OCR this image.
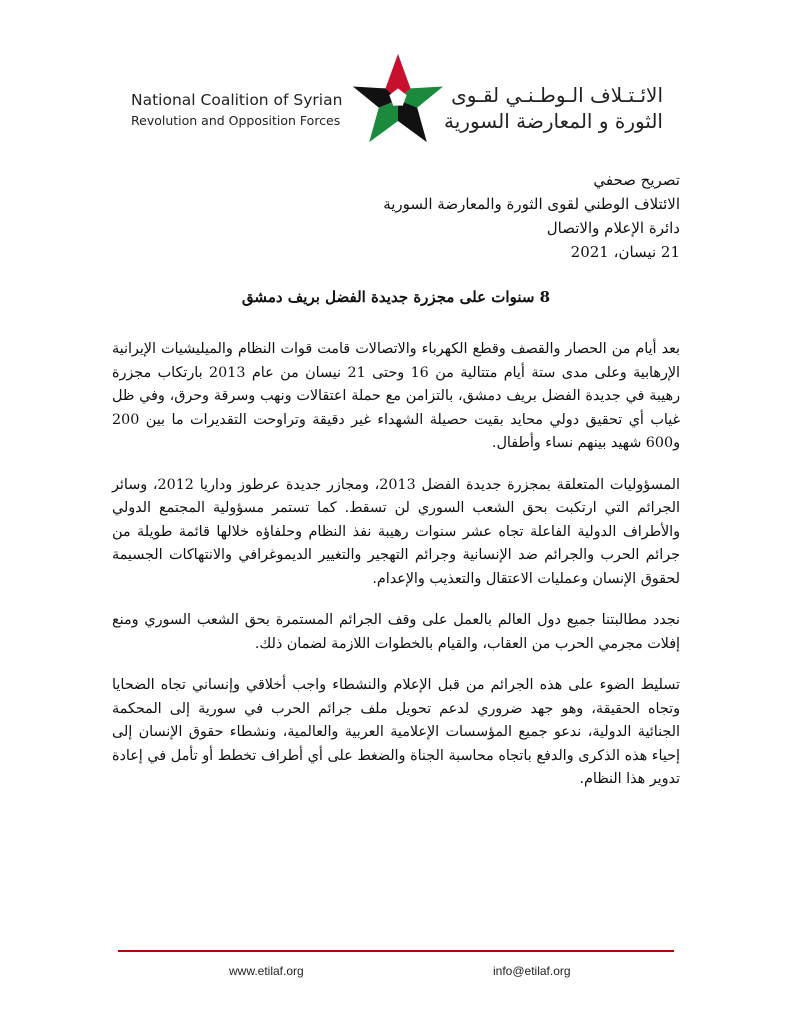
National Coalition of Syrian
Revolution and Opposition Forces
الائـتـلاف الـوطـنـي لقـوى
الثورة و المعارضة السورية
تصريح صحفي
الائتلاف الوطني لقوى الثورة والمعارضة السورية
دائرة الإعلام والاتصال
21 نيسان، 2021
8 سنوات على مجزرة جديدة الفضل بريف دمشق

بعد أيام من الحصار والقصف وقطع الكهرباء والاتصالات قامت قوات النظام والميليشيات الإيرانية الإرهابية وعلى مدى ستة أيام متتالية من 16 وحتى 21 نيسان من عام 2013 بارتكاب مجزرة رهيبة في جديدة الفضل بريف دمشق، بالتزامن مع حملة اعتقالات ونهب وسرقة وحرق، وفي ظل غياب أي تحقيق دولي محايد بقيت حصيلة الشهداء غير دقيقة وتراوحت التقديرات ما بين 200 و600 شهيد بينهم نساء وأطفال.

المسؤوليات المتعلقة بمجزرة جديدة الفضل 2013، ومجازر جديدة عرطوز وداريا 2012، وسائر الجرائم التي ارتكبت بحق الشعب السوري لن تسقط. كما تستمر مسؤولية المجتمع الدولي والأطراف الدولية الفاعلة تجاه عشر سنوات رهيبة نفذ النظام وحلفاؤه خلالها قائمة طويلة من جرائم الحرب والجرائم ضد الإنسانية وجرائم التهجير والتغيير الديموغرافي والانتهاكات الجسيمة لحقوق الإنسان وعمليات الاعتقال والتعذيب والإعدام.

نجدد مطالبتنا جميع دول العالم بالعمل على وقف الجرائم المستمرة بحق الشعب السوري ومنع إفلات مجرمي الحرب من العقاب، والقيام بالخطوات اللازمة لضمان ذلك.

تسليط الضوء على هذه الجرائم من قبل الإعلام والنشطاء واجب أخلاقي وإنساني تجاه الضحايا وتجاه الحقيقة، وهو جهد ضروري لدعم تحويل ملف جرائم الحرب في سورية إلى المحكمة الجنائية الدولية، ندعو جميع المؤسسات الإعلامية العربية والعالمية، ونشطاء حقوق الإنسان إلى إحياء هذه الذكرى والدفع باتجاه محاسبة الجناة والضغط على أي أطراف تخطط أو تأمل في إعادة تدوير هذا النظام.

www.etilaf.org	info@etilaf.org
